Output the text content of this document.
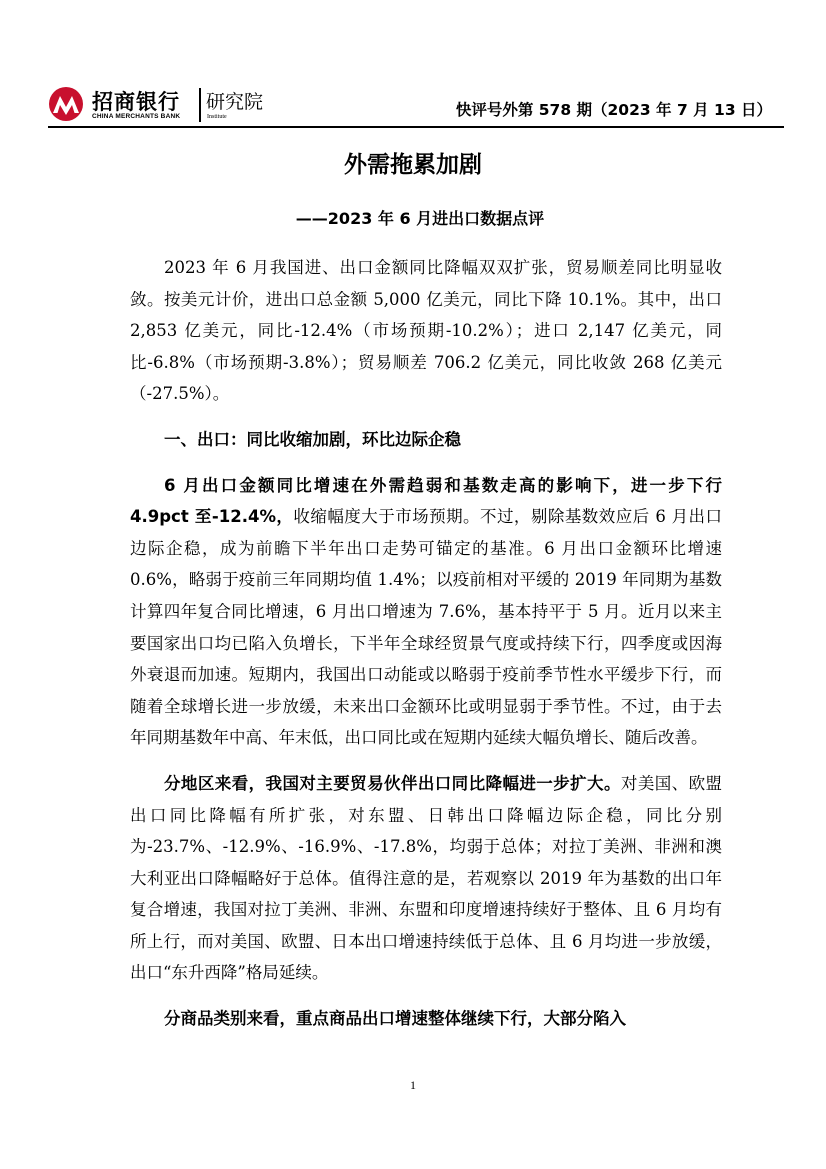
招商银行
CHINA MERCHANTS BANK
研究院
Institute	快评号外第 578 期（2023 年 7 月 13 日）
外需拖累加剧
——2023 年 6 月进出口数据点评

2023 年 6 月我国进、出口金额同比降幅双双扩张，贸易顺差同比明显收敛。按美元计价，进出口总金额 5,000 亿美元，同比下降 10.1%。其中，出口 2,853 亿美元，同比-12.4%（市场预期-10.2%）；进口 2,147 亿美元，同比-6.8%（市场预期-3.8%）；贸易顺差 706.2 亿美元，同比收敛 268 亿美元（-27.5%）。

一、出口：同比收缩加剧，环比边际企稳

6 月出口金额同比增速在外需趋弱和基数走高的影响下，进一步下行 4.9pct 至-12.4%，收缩幅度大于市场预期。不过，剔除基数效应后 6 月出口边际企稳，成为前瞻下半年出口走势可锚定的基准。6 月出口金额环比增速 0.6%，略弱于疫前三年同期均值 1.4%；以疫前相对平缓的 2019 年同期为基数计算四年复合同比增速，6 月出口增速为 7.6%，基本持平于 5 月。近月以来主要国家出口均已陷入负增长，下半年全球经贸景气度或持续下行，四季度或因海外衰退而加速。短期内，我国出口动能或以略弱于疫前季节性水平缓步下行，而随着全球增长进一步放缓，未来出口金额环比或明显弱于季节性。不过，由于去年同期基数年中高、年末低，出口同比或在短期内延续大幅负增长、随后改善。

分地区来看，我国对主要贸易伙伴出口同比降幅进一步扩大。对美国、欧盟出口同比降幅有所扩张，对东盟、日韩出口降幅边际企稳，同比分别为-23.7%、-12.9%、-16.9%、-17.8%，均弱于总体；对拉丁美洲、非洲和澳大利亚出口降幅略好于总体。值得注意的是，若观察以 2019 年为基数的出口年复合增速，我国对拉丁美洲、非洲、东盟和印度增速持续好于整体、且 6 月均有所上行，而对美国、欧盟、日本出口增速持续低于总体、且 6 月均进一步放缓，出口“东升西降”格局延续。

分商品类别来看，重点商品出口增速整体继续下行，大部分陷入

1
